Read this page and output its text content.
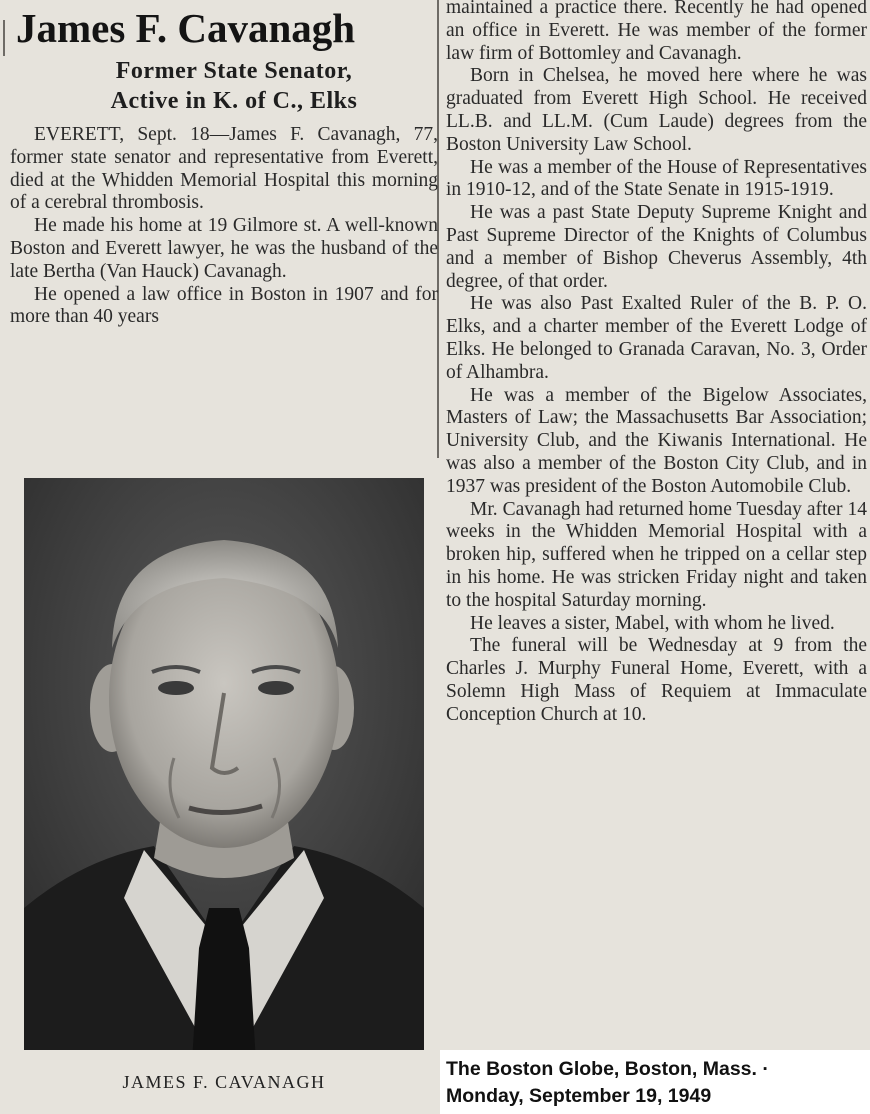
James F. Cavanagh
Former State Senator,
Active in K. of C., Elks

EVERETT, Sept. 18—James F. Cavanagh, 77, former state senator and representative from Everett, died at the Whidden Memorial Hospital this morning of a cerebral thrombosis.

He made his home at 19 Gilmore st. A well-known Boston and Everett lawyer, he was the husband of the late Bertha (Van Hauck) Cavanagh.

He opened a law office in Boston in 1907 and for more than 40 years

maintained a practice there. Recently he had opened an office in Everett. He was member of the former law firm of Bottomley and Cavanagh.

Born in Chelsea, he moved here where he was graduated from Everett High School. He received LL.B. and LL.M. (Cum Laude) degrees from the Boston University Law School.

He was a member of the House of Representatives in 1910-12, and of the State Senate in 1915-1919.

He was a past State Deputy Supreme Knight and Past Supreme Director of the Knights of Columbus and a member of Bishop Cheverus Assembly, 4th degree, of that order.

He was also Past Exalted Ruler of the B. P. O. Elks, and a charter member of the Everett Lodge of Elks. He belonged to Granada Caravan, No. 3, Order of Alhambra.

He was a member of the Bigelow Associates, Masters of Law; the Massachusetts Bar Association; University Club, and the Kiwanis International. He was also a member of the Boston City Club, and in 1937 was president of the Boston Automobile Club.

Mr. Cavanagh had returned home Tuesday after 14 weeks in the Whidden Memorial Hospital with a broken hip, suffered when he tripped on a cellar step in his home. He was stricken Friday night and taken to the hospital Saturday morning.

He leaves a sister, Mabel, with whom he lived.

The funeral will be Wednesday at 9 from the Charles J. Murphy Funeral Home, Everett, with a Solemn High Mass of Requiem at Immaculate Conception Church at 10.

JAMES F. CAVANAGH
The Boston Globe, Boston, Mass. ·
Monday, September 19, 1949
